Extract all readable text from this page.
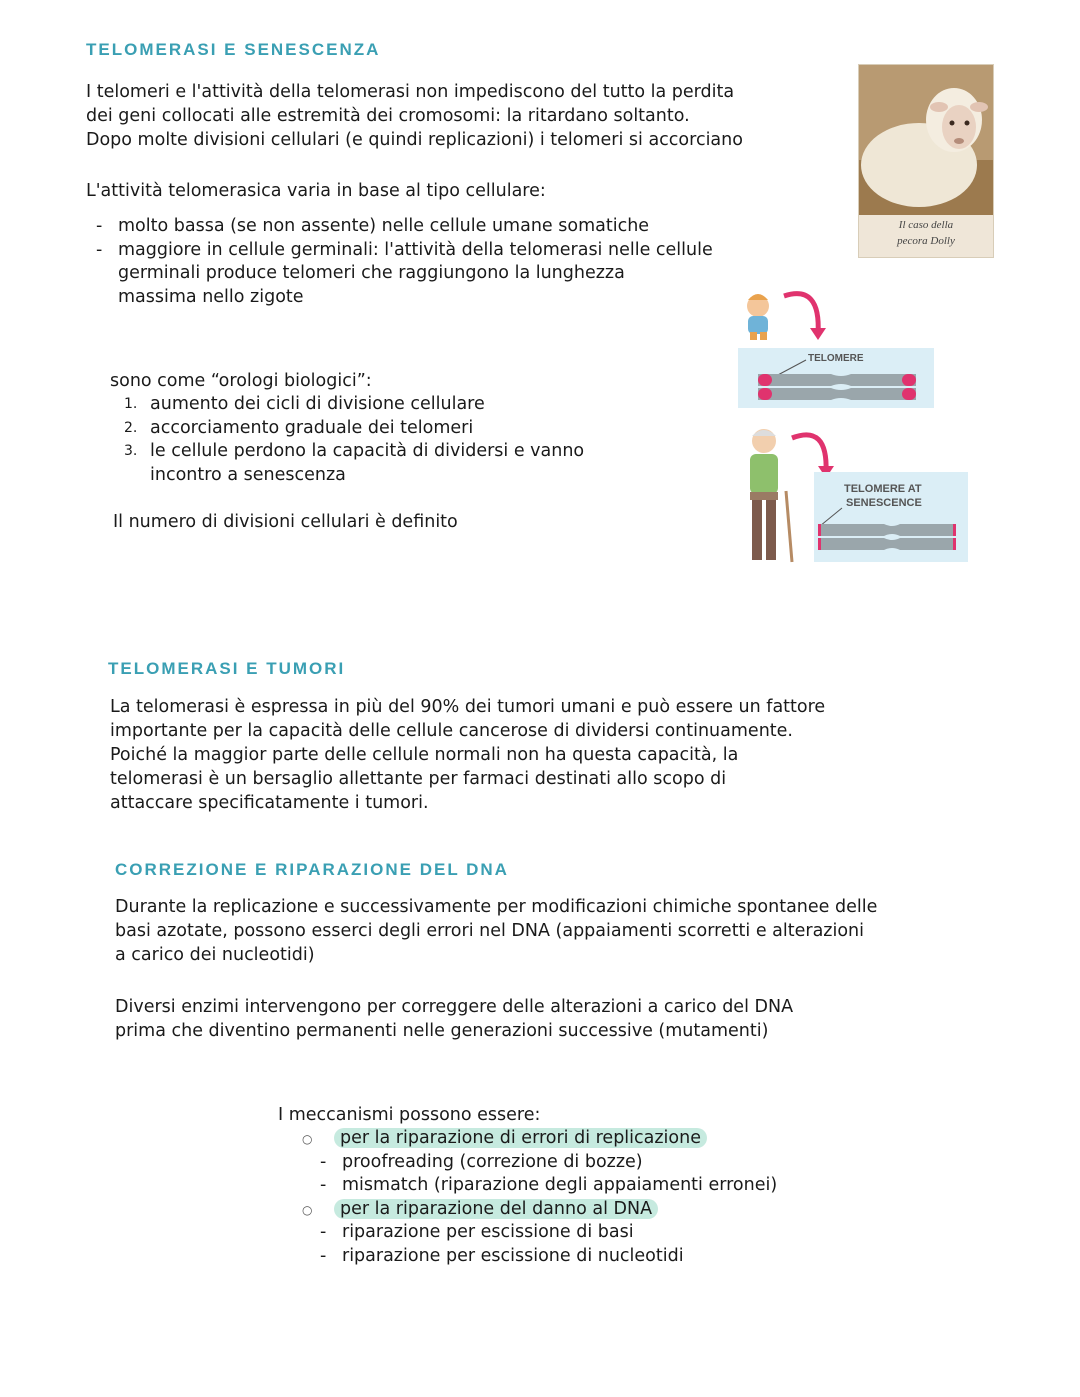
TELOMERASI E SENESCENZA
I telomeri e l'attività della telomerasi non impediscono del tutto la perdita
dei geni collocati alle estremità dei cromosomi: la ritardano soltanto.
Dopo molte divisioni cellulari (e quindi replicazioni) i telomeri si accorciano
L'attività telomerasica varia in base al tipo cellulare:
- molto bassa (se non assente) nelle cellule umane somatiche
- maggiore in cellule germinali: l'attività della telomerasi nelle cellule
germinali produce telomeri che raggiungono la lunghezza
massima nello zigote
sono come “orologi biologici”:
1. aumento dei cicli di divisione cellulare
2. accorciamento graduale dei telomeri
3. le cellule perdono la capacità di dividersi e vanno
incontro a senescenza
Il numero di divisioni cellulari è definito
Il caso della
pecora Dolly
TELOMERE
TELOMERE AT SENESCENCE
TELOMERASI E TUMORI
La telomerasi è espressa in più del 90% dei tumori umani e può essere un fattore
importante per la capacità delle cellule cancerose di dividersi continuamente.
Poiché la maggior parte delle cellule normali non ha questa capacità, la
telomerasi è un bersaglio allettante per farmaci destinati allo scopo di
attaccare specificatamente i tumori.
CORREZIONE E RIPARAZIONE DEL DNA
Durante la replicazione e successivamente per modificazioni chimiche spontanee delle
basi azotate, possono esserci degli errori nel DNA (appaiamenti scorretti e alterazioni
a carico dei nucleotidi)
Diversi enzimi intervengono per correggere delle alterazioni a carico del DNA
prima che diventino permanenti nelle generazioni successive (mutamenti)
I meccanismi possono essere:
○ per la riparazione di errori di replicazione
- proofreading (correzione di bozze)
- mismatch (riparazione degli appaiamenti erronei)
○ per la riparazione del danno al DNA
- riparazione per escissione di basi
- riparazione per escissione di nucleotidi
